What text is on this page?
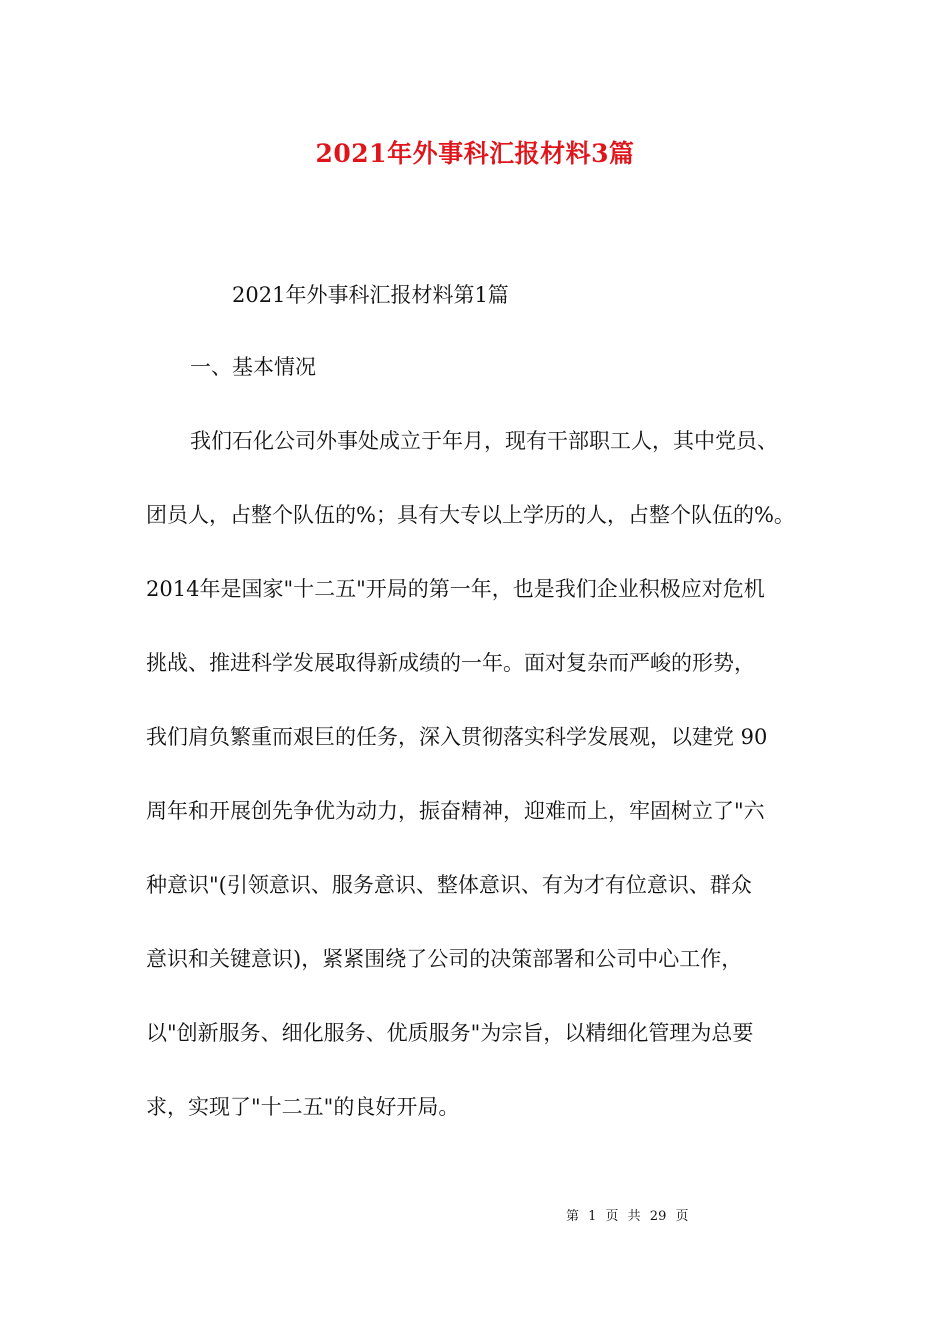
2021年外事科汇报材料3篇
2021年外事科汇报材料第1篇
一、基本情况
我们石化公司外事处成立于年月，现有干部职工人，其中党员、
团员人，占整个队伍的%；具有大专以上学历的人，占整个队伍的%。
2014年是国家"十二五"开局的第一年，也是我们企业积极应对危机
挑战、推进科学发展取得新成绩的一年。面对复杂而严峻的形势，
我们肩负繁重而艰巨的任务，深入贯彻落实科学发展观，以建党 90
周年和开展创先争优为动力，振奋精神，迎难而上，牢固树立了"六
种意识"(引领意识、服务意识、整体意识、有为才有位意识、群众
意识和关键意识)，紧紧围绕了公司的决策部署和公司中心工作，
以"创新服务、细化服务、优质服务"为宗旨，以精细化管理为总要
求，实现了"十二五"的良好开局。
第 1 页 共 29 页
